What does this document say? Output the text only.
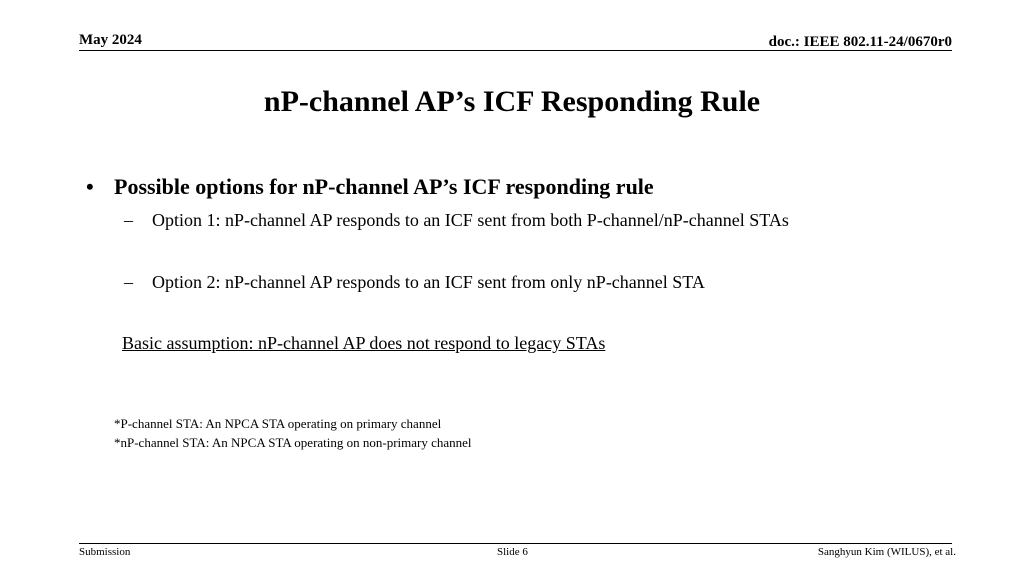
May 2024	doc.: IEEE 802.11-24/0670r0
nP-channel AP’s ICF Responding Rule
• Possible options for nP-channel AP’s ICF responding rule
– Option 1: nP-channel AP responds to an ICF sent from both P-channel/nP-channel STAs
– Option 2: nP-channel AP responds to an ICF sent from only nP-channel STA
Basic assumption: nP-channel AP does not respond to legacy STAs
*P-channel STA: An NPCA STA operating on primary channel
*nP-channel STA: An NPCA STA operating on non-primary channel
Submission	Slide 6	Sanghyun Kim (WILUS), et al.
